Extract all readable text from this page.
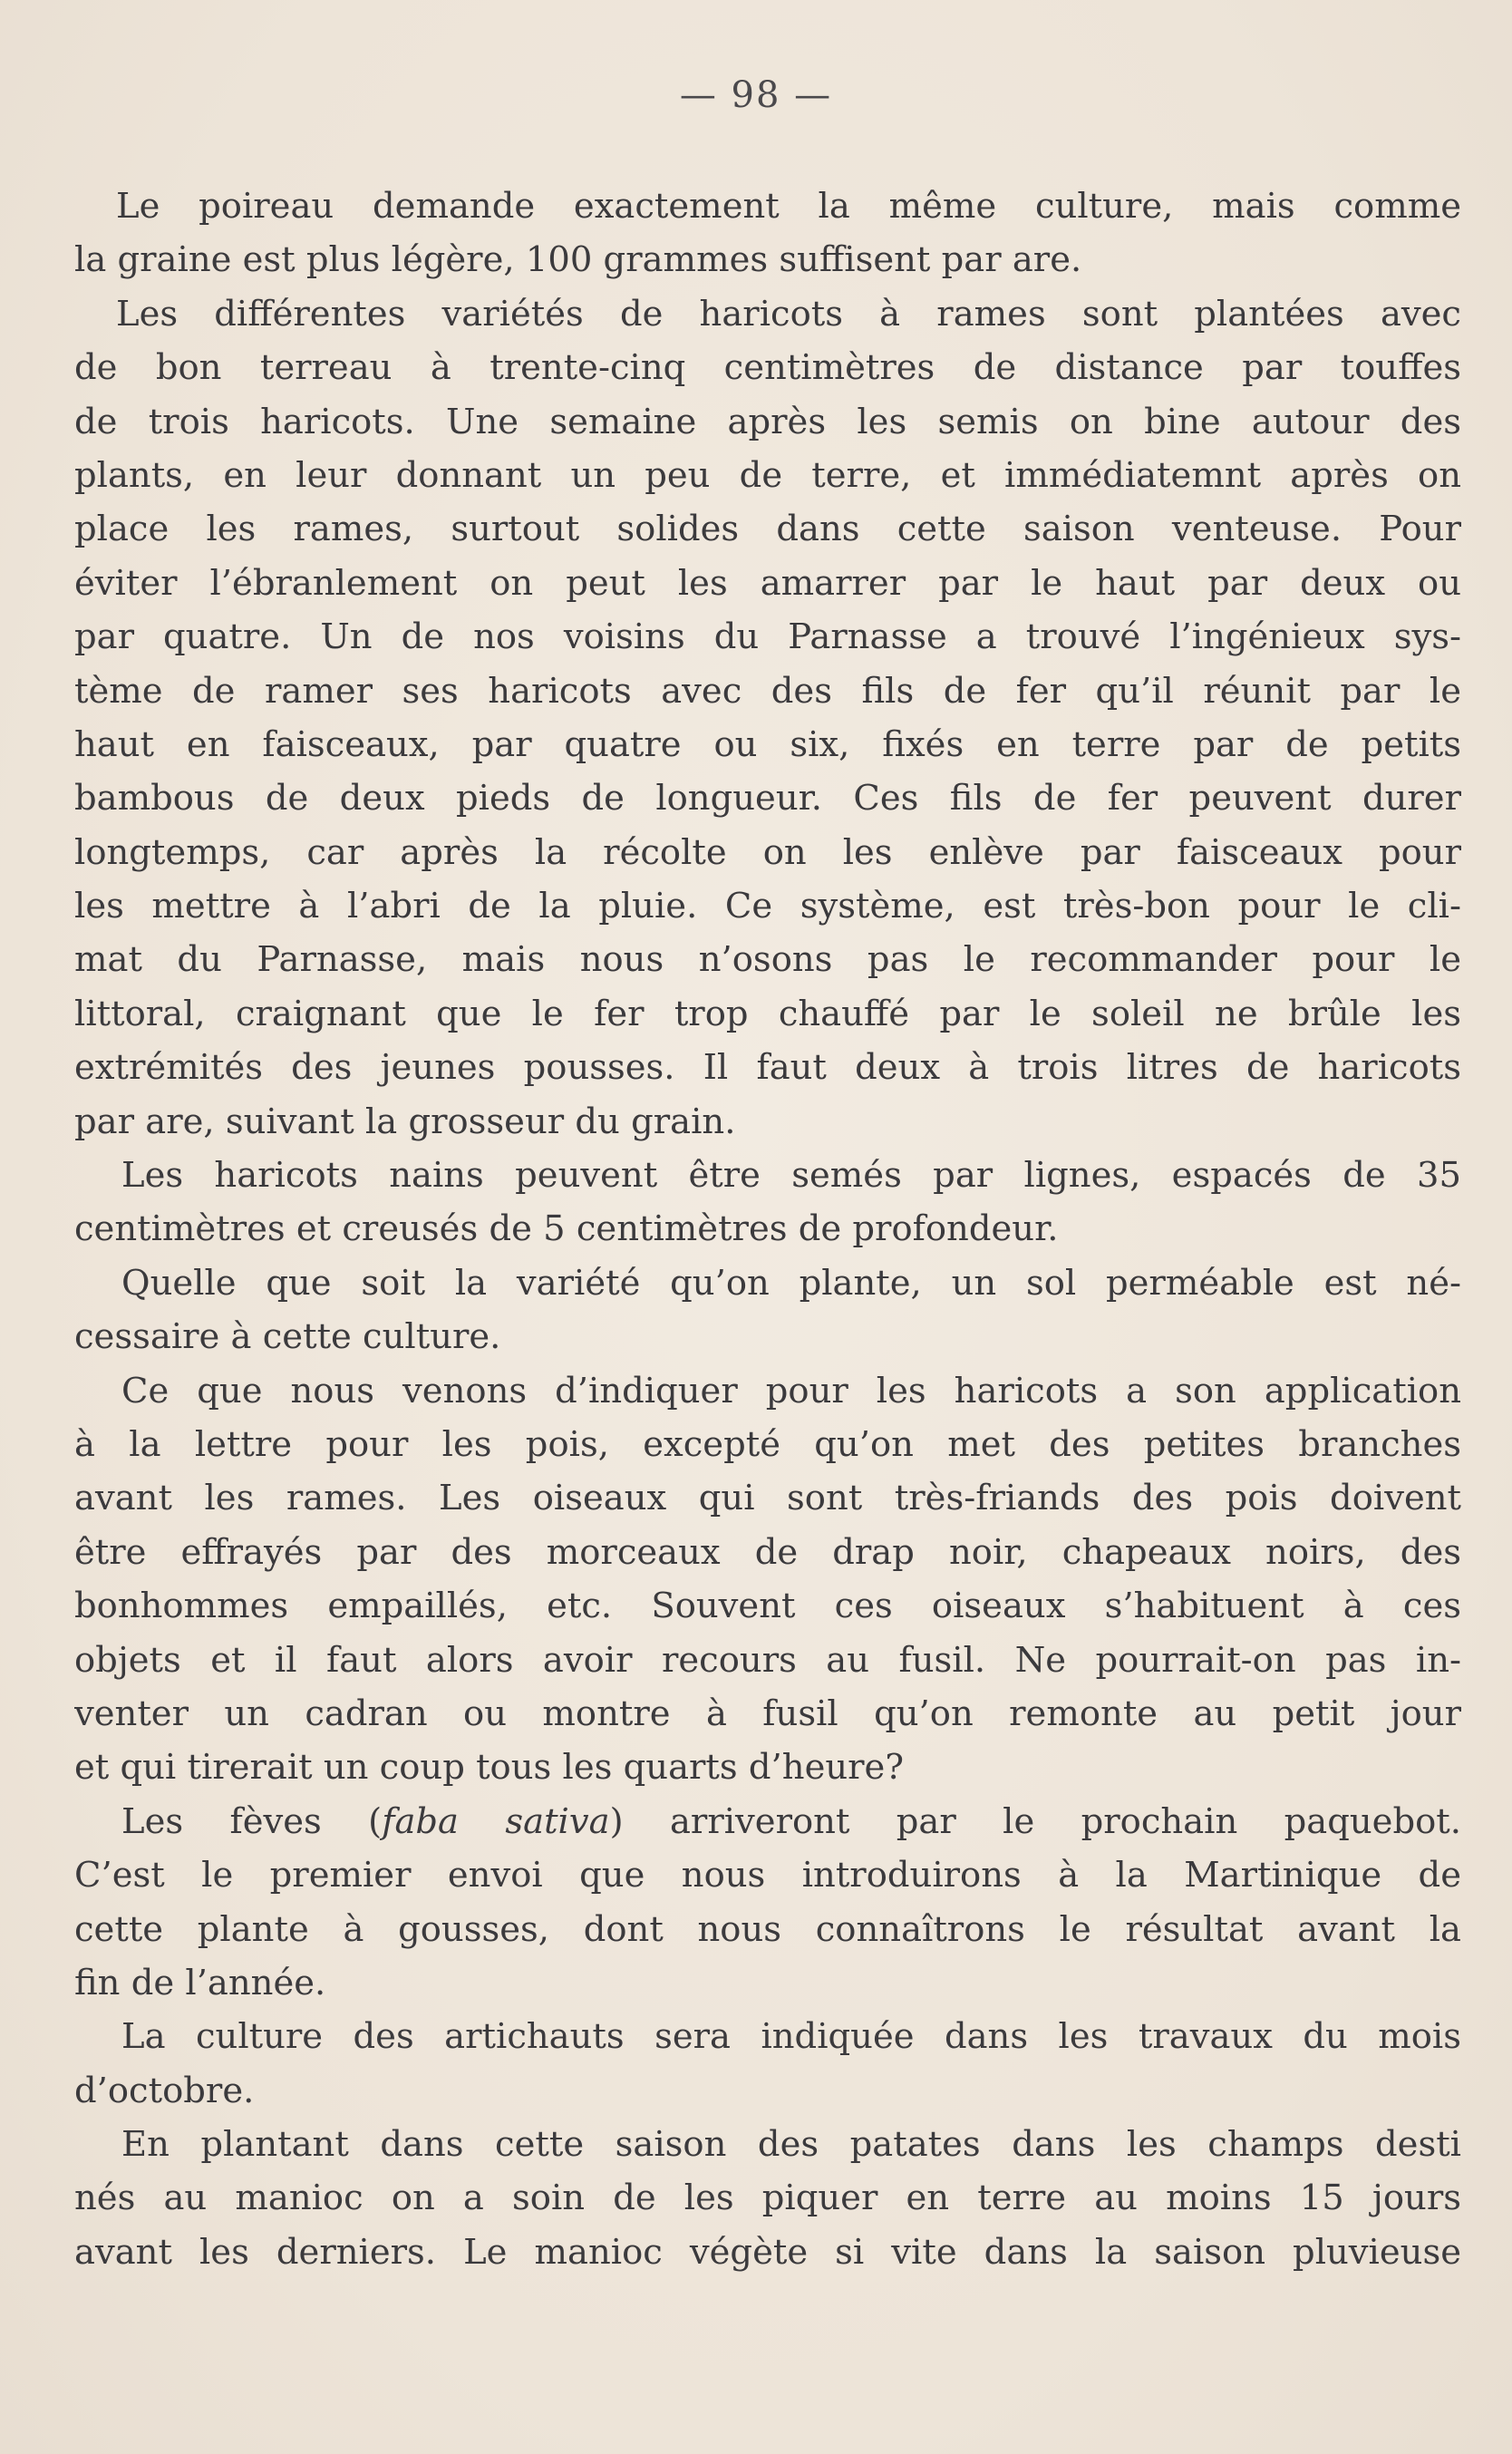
— 98 —
Le poireau demande exactement la même culture, mais comme
la graine est plus légère, 100 grammes suffisent par are.
Les différentes variétés de haricots à rames sont plantées avec
de bon terreau à trente-cinq centimètres de distance par touffes
de trois haricots. Une semaine après les semis on bine autour des
plants, en leur donnant un peu de terre, et immédiatemnt après on
place les rames, surtout solides dans cette saison venteuse. Pour
éviter l’ébranlement on peut les amarrer par le haut par deux ou
par quatre. Un de nos voisins du Parnasse a trouvé l’ingénieux sys-
tème de ramer ses haricots avec des fils de fer qu’il réunit par le
haut en faisceaux, par quatre ou six, fixés en terre par de petits
bambous de deux pieds de longueur. Ces fils de fer peuvent durer
longtemps, car après la récolte on les enlève par faisceaux pour
les mettre à l’abri de la pluie. Ce système, est très-bon pour le cli-
mat du Parnasse, mais nous n’osons pas le recommander pour le
littoral, craignant que le fer trop chauffé par le soleil ne brûle les
extrémités des jeunes pousses. Il faut deux à trois litres de haricots
par are, suivant la grosseur du grain.
Les haricots nains peuvent être semés par lignes, espacés de 35
centimètres et creusés de 5 centimètres de profondeur.
Quelle que soit la variété qu’on plante, un sol perméable est né-
cessaire à cette culture.
Ce que nous venons d’indiquer pour les haricots a son application
à la lettre pour les pois, excepté qu’on met des petites branches
avant les rames. Les oiseaux qui sont très-friands des pois doivent
être effrayés par des morceaux de drap noir, chapeaux noirs, des
bonhommes empaillés, etc. Souvent ces oiseaux s’habituent à ces
objets et il faut alors avoir recours au fusil. Ne pourrait-on pas in-
venter un cadran ou montre à fusil qu’on remonte au petit jour
et qui tirerait un coup tous les quarts d’heure?
Les fèves (faba sativa) arriveront par le prochain paquebot.
C’est le premier envoi que nous introduirons à la Martinique de
cette plante à gousses, dont nous connaîtrons le résultat avant la
fin de l’année.
La culture des artichauts sera indiquée dans les travaux du mois
d’octobre.
En plantant dans cette saison des patates dans les champs desti
nés au manioc on a soin de les piquer en terre au moins 15 jours
avant les derniers. Le manioc végète si vite dans la saison pluvieuse
